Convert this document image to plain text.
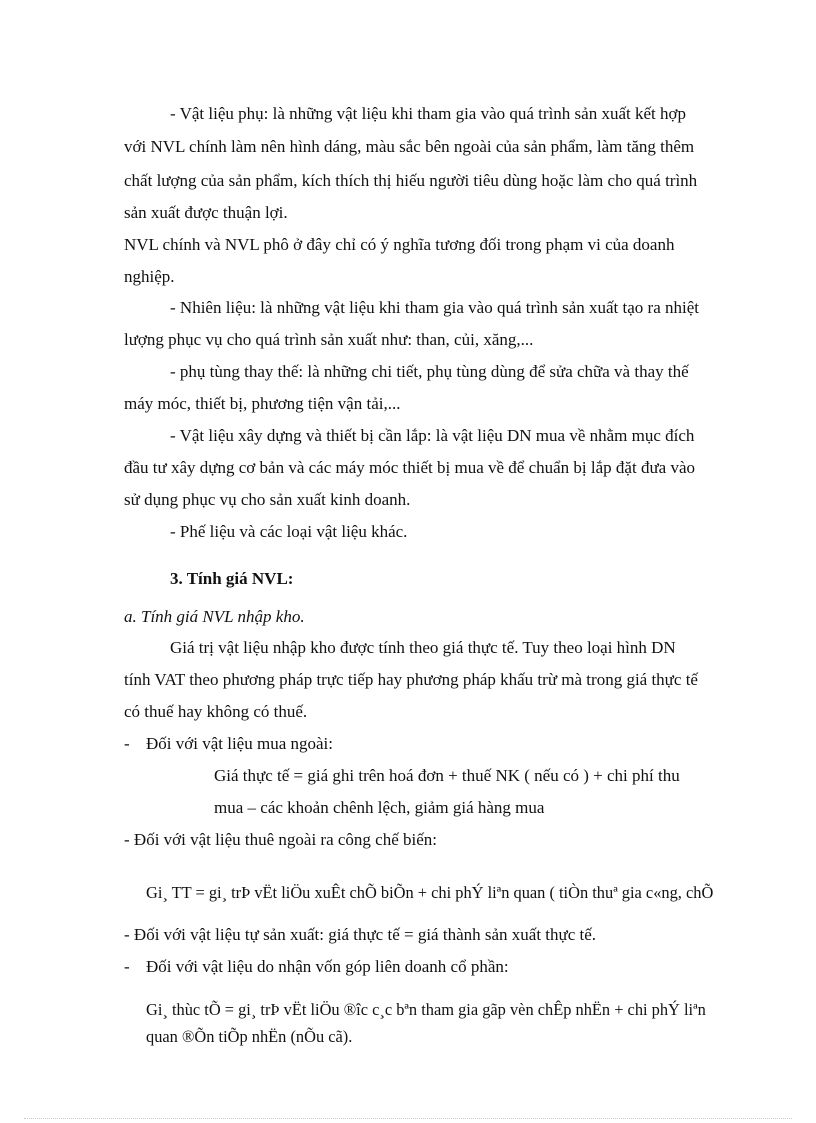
- Vật liệu phụ: là những vật liệu khi tham gia vào quá trình sản xuất kết hợp
với NVL chính làm nên hình dáng, màu sắc bên ngoài của sản phẩm, làm tăng thêm
chất lượng của sản phẩm, kích thích thị hiếu người tiêu dùng hoặc làm cho quá trình
sản xuất được thuận lợi.
NVL chính và NVL phô ở đây chỉ có ý nghĩa tương đối trong phạm vi của doanh
nghiệp.
- Nhiên liệu: là những vật liệu khi tham gia vào quá trình sản xuất tạo ra nhiệt
lượng phục vụ cho quá trình sản xuất như: than, củi, xăng,...
- phụ tùng thay thế: là những chi tiết, phụ tùng dùng để sửa chữa và thay thế
máy móc, thiết bị, phương tiện vận tải,...
- Vật liệu xây dựng và thiết bị cần lắp: là vật liệu DN mua về nhằm mục đích
đầu tư xây dựng cơ bản và các máy móc thiết bị mua về để chuẩn bị lắp đặt đưa vào
sử dụng phục vụ cho sản xuất kinh doanh.
- Phế liệu và các loại vật liệu khác.
3. Tính giá NVL:
a. Tính giá NVL nhập kho.
Giá trị vật liệu nhập kho được tính theo giá thực tế. Tuy theo loại hình DN
tính VAT theo phương pháp trực tiếp hay phương pháp khấu trừ mà trong giá thực tế
có thuế hay không có thuế.
- Đối với vật liệu mua ngoài:
Giá thực tế = giá ghi trên hoá đơn + thuế NK ( nếu có ) + chi phí thu
mua – các khoản chênh lệch, giảm giá hàng mua
- Đối với vật liệu thuê ngoài ra công chế biến:
Gi¸ TT = gi¸ trÞ vËt liÖu xuÊt chÕ biÕn + chi phÝ liªn quan ( tiÒn thuª gia c«ng, chÕ
- Đối với vật liệu tự sản xuất: giá thực tế = giá thành sản xuất thực tế.
- Đối với vật liệu do nhận vốn góp liên doanh cổ phần:
Gi¸ thùc tÕ = gi¸ trÞ vËt liÖu ®îc c¸c bªn tham gia gãp vèn chÊp nhËn + chi phÝ liªn
quan ®Õn tiÕp nhËn (nÕu cã).
